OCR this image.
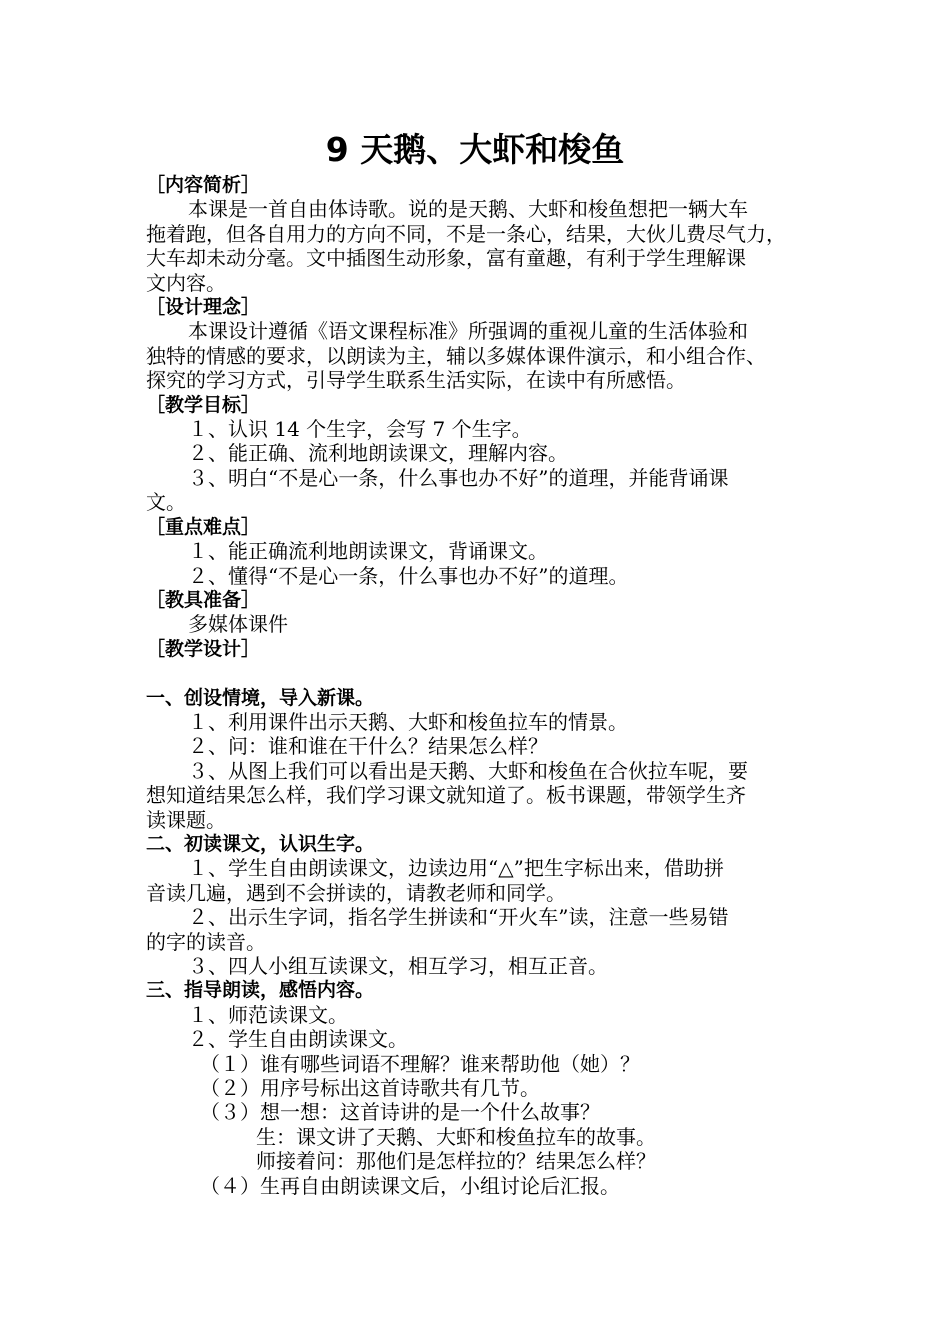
9 天鹅、大虾和梭鱼

［内容简析］

本课是一首自由体诗歌。说的是天鹅、大虾和梭鱼想把一辆大车

拖着跑，但各自用力的方向不同，不是一条心，结果，大伙儿费尽气力，

大车却未动分毫。文中插图生动形象，富有童趣，有利于学生理解课

文内容。

［设计理念］

本课设计遵循《语文课程标准》所强调的重视儿童的生活体验和

独特的情感的要求，以朗读为主，辅以多媒体课件演示，和小组合作、

探究的学习方式，引导学生联系生活实际，在读中有所感悟。

［教学目标］

１、认识 14 个生字，会写 7 个生字。

２、能正确、流利地朗读课文，理解内容。

３、明白“不是心一条，什么事也办不好”的道理，并能背诵课

文。

［重点难点］

１、能正确流利地朗读课文，背诵课文。

２、懂得“不是心一条，什么事也办不好”的道理。

［教具准备］

多媒体课件

［教学设计］

一、创设情境，导入新课。

１、利用课件出示天鹅、大虾和梭鱼拉车的情景。

２、问：谁和谁在干什么？结果怎么样？

３、从图上我们可以看出是天鹅、大虾和梭鱼在合伙拉车呢，要

想知道结果怎么样，我们学习课文就知道了。板书课题，带领学生齐

读课题。

二、初读课文，认识生字。

１、学生自由朗读课文，边读边用“△”把生字标出来，借助拼

音读几遍，遇到不会拼读的，请教老师和同学。

２、出示生字词，指名学生拼读和“开火车”读，注意一些易错

的字的读音。

３、四人小组互读课文，相互学习，相互正音。

三、指导朗读，感悟内容。

１、师范读课文。

２、学生自由朗读课文。

（１）谁有哪些词语不理解？谁来帮助他（她）？

（２）用序号标出这首诗歌共有几节。

（３）想一想：这首诗讲的是一个什么故事？

生：课文讲了天鹅、大虾和梭鱼拉车的故事。

师接着问：那他们是怎样拉的？结果怎么样？

（４）生再自由朗读课文后，小组讨论后汇报。
